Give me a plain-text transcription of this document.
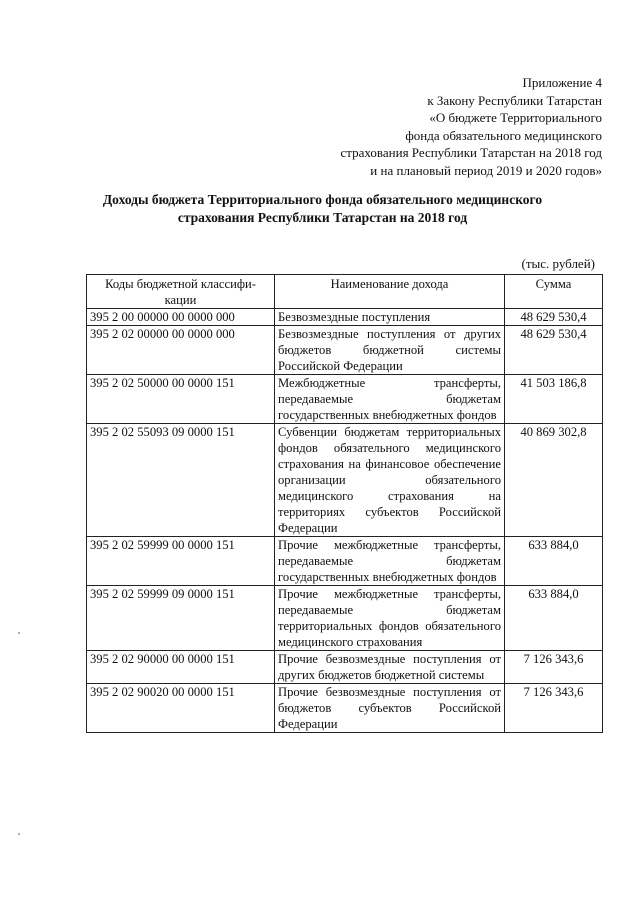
Приложение 4
к Закону Республики Татарстан
«О бюджете Территориального
фонда обязательного медицинского
страхования Республики Татарстан на 2018 год
и на плановый период 2019 и 2020 годов»
Доходы бюджета Территориального фонда обязательного медицинского
страхования Республики Татарстан на 2018 год
(тыс. рублей)
Коды бюджетной классифи-кации	Наименование дохода	Сумма
395 2 00 00000 00 0000 000	Безвозмездные поступления	48 629 530,4
395 2 02 00000 00 0000 000	Безвозмездные поступления от других бюджетов бюджетной системы Российской Федерации	48 629 530,4
395 2 02 50000 00 0000 151	Межбюджетные трансферты, передаваемые бюджетам государственных внебюджетных фондов	41 503 186,8
395 2 02 55093 09 0000 151	Субвенции бюджетам территориальных фондов обязательного медицинского страхования на финансовое обеспечение организации обязательного медицинского страхования на территориях субъектов Российской Федерации	40 869 302,8
395 2 02 59999 00 0000 151	Прочие межбюджетные трансферты, передаваемые бюджетам государственных внебюджетных фондов	633 884,0
395 2 02 59999 09 0000 151	Прочие межбюджетные трансферты, передаваемые бюджетам территориальных фондов обязательного медицинского страхования	633 884,0
395 2 02 90000 00 0000 151	Прочие безвозмездные поступления от других бюджетов бюджетной системы	7 126 343,6
395 2 02 90020 00 0000 151	Прочие безвозмездные поступления от бюджетов субъектов Российской Федерации	7 126 343,6
